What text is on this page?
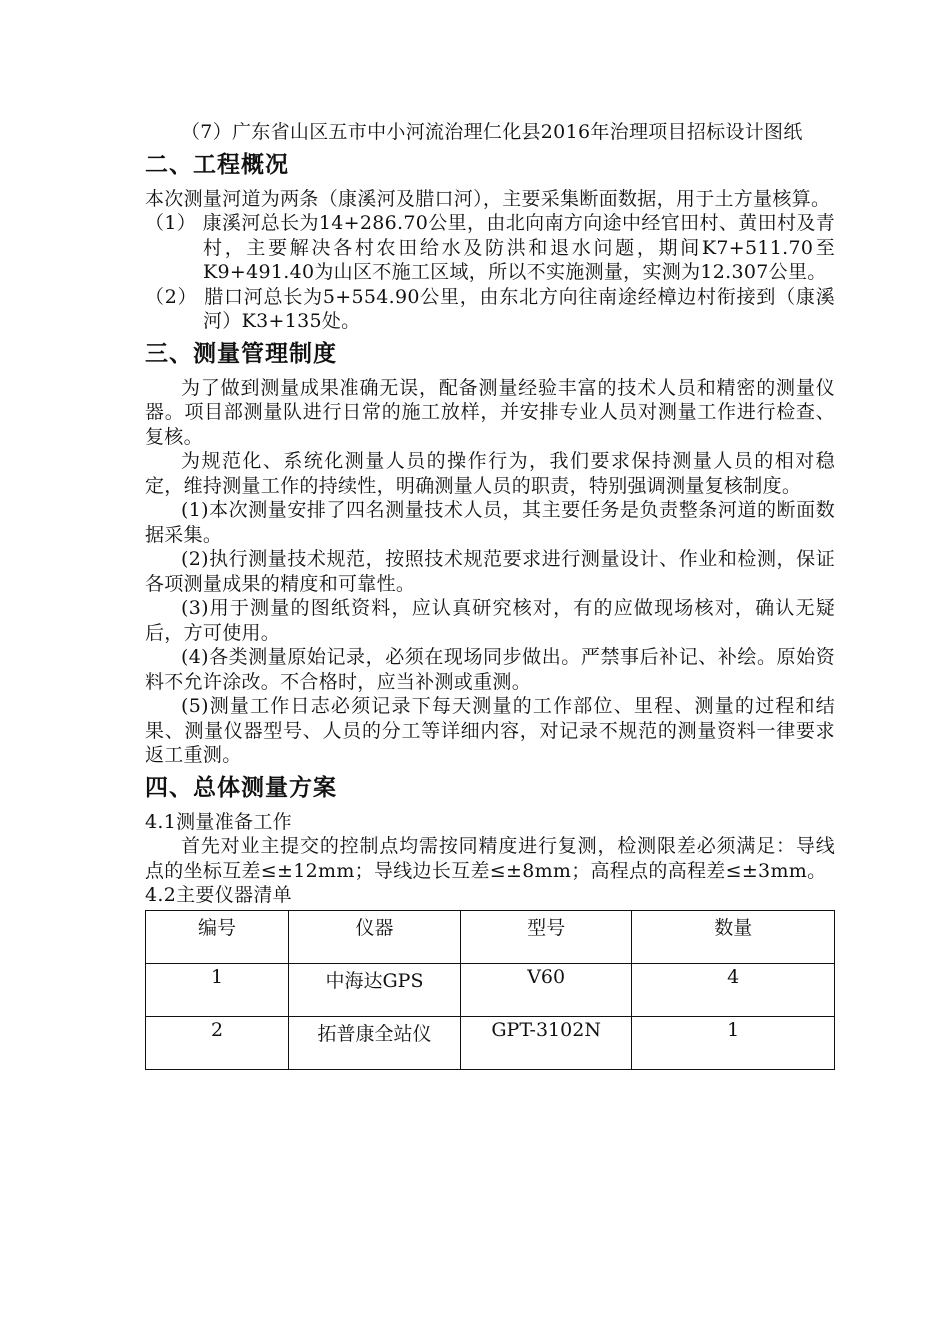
（7）广东省山区五市中小河流治理仁化县2016年治理项目招标设计图纸

二、工程概况

本次测量河道为两条（康溪河及腊口河），主要采集断面数据，用于土方量核算。

（1） 康溪河总长为14+286.70公里，由北向南方向途中经官田村、黄田村及青村，主要解决各村农田给水及防洪和退水问题，期间K7+511.70至K9+491.40为山区不施工区域，所以不实施测量，实测为12.307公里。

（2） 腊口河总长为5+554.90公里，由东北方向往南途经樟边村衔接到（康溪河）K3+135处。

三、测量管理制度

为了做到测量成果准确无误，配备测量经验丰富的技术人员和精密的测量仪器。项目部测量队进行日常的施工放样，并安排专业人员对测量工作进行检查、复核。

为规范化、系统化测量人员的操作行为，我们要求保持测量人员的相对稳定，维持测量工作的持续性，明确测量人员的职责，特别强调测量复核制度。

(1)本次测量安排了四名测量技术人员，其主要任务是负责整条河道的断面数据采集。

(2)执行测量技术规范，按照技术规范要求进行测量设计、作业和检测，保证各项测量成果的精度和可靠性。

(3)用于测量的图纸资料，应认真研究核对，有的应做现场核对，确认无疑后，方可使用。

(4)各类测量原始记录，必须在现场同步做出。严禁事后补记、补绘。原始资料不允许涂改。不合格时，应当补测或重测。

(5)测量工作日志必须记录下每天测量的工作部位、里程、测量的过程和结果、测量仪器型号、人员的分工等详细内容，对记录不规范的测量资料一律要求返工重测。

四、总体测量方案

4.1测量准备工作

首先对业主提交的控制点均需按同精度进行复测，检测限差必须满足：导线点的坐标互差≤±12mm；导线边长互差≤±8mm；高程点的高程差≤±3mm。

4.2主要仪器清单

编号	仪器	型号	数量
1	中海达GPS	V60	4
2	拓普康全站仪	GPT-3102N	1
